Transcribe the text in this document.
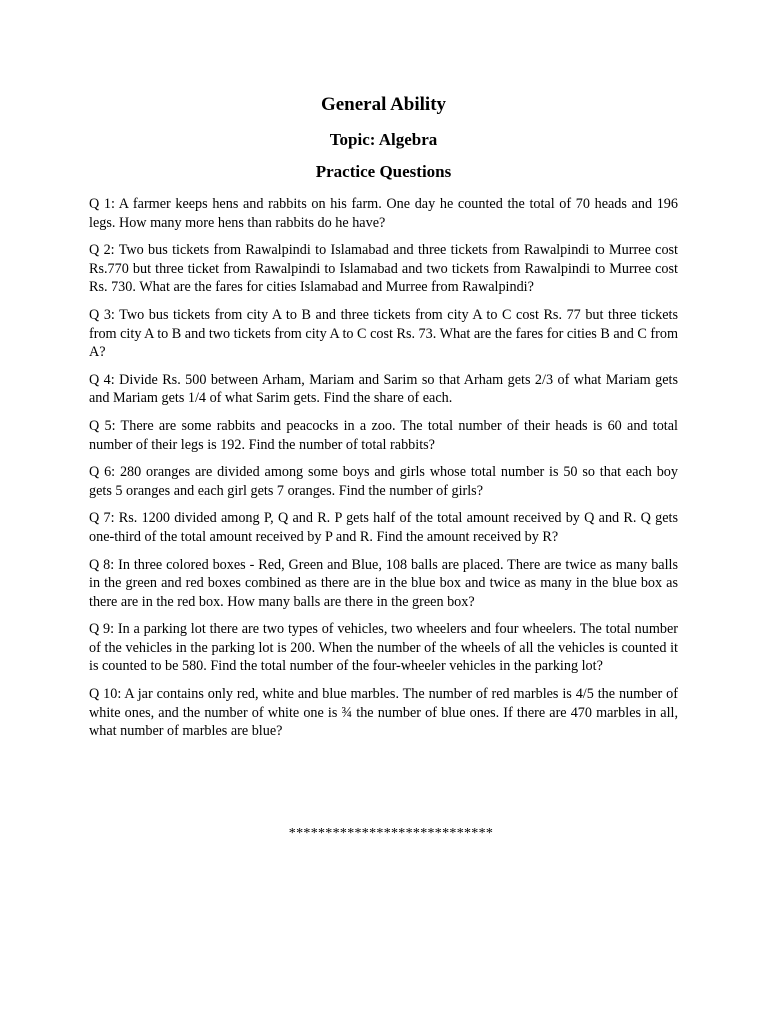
General Ability
Topic: Algebra
Practice Questions
Q 1: A farmer keeps hens and rabbits on his farm. One day he counted the total of 70 heads and 196 legs. How many more hens than rabbits do he have?
Q 2: Two bus tickets from Rawalpindi to Islamabad and three tickets from Rawalpindi to Murree cost Rs.770 but three ticket from Rawalpindi to Islamabad and two tickets from Rawalpindi to Murree cost Rs. 730. What are the fares for cities Islamabad and Murree from Rawalpindi?
Q 3: Two bus tickets from city A to B and three tickets from city A to C cost Rs. 77 but three tickets from city A to B and two tickets from city A to C cost Rs. 73. What are the fares for cities B and C from A?
Q 4: Divide Rs. 500 between Arham, Mariam and Sarim so that Arham gets 2/3 of what Mariam gets and Mariam gets 1/4 of what Sarim gets. Find the share of each.
Q 5: There are some rabbits and peacocks in a zoo. The total number of their heads is 60 and total number of their legs is 192. Find the number of total rabbits?
Q 6: 280 oranges are divided among some boys and girls whose total number is 50 so that each boy gets 5 oranges and each girl gets 7 oranges. Find the number of girls?
Q 7: Rs. 1200 divided among P, Q and R. P gets half of the total amount received by Q and R. Q gets one-third of the total amount received by P and R. Find the amount received by R?
Q 8: In three colored boxes - Red, Green and Blue, 108 balls are placed. There are twice as many balls in the green and red boxes combined as there are in the blue box and twice as many in the blue box as there are in the red box. How many balls are there in the green box?
Q 9: In a parking lot there are two types of vehicles, two wheelers and four wheelers. The total number of the vehicles in the parking lot is 200. When the number of the wheels of all the vehicles is counted it is counted to be 580. Find the total number of the four-wheeler vehicles in the parking lot?
Q 10: A jar contains only red, white and blue marbles. The number of red marbles is 4/5 the number of white ones, and the number of white one is ¾ the number of blue ones. If there are 470 marbles in all, what number of marbles are blue?

****************************
